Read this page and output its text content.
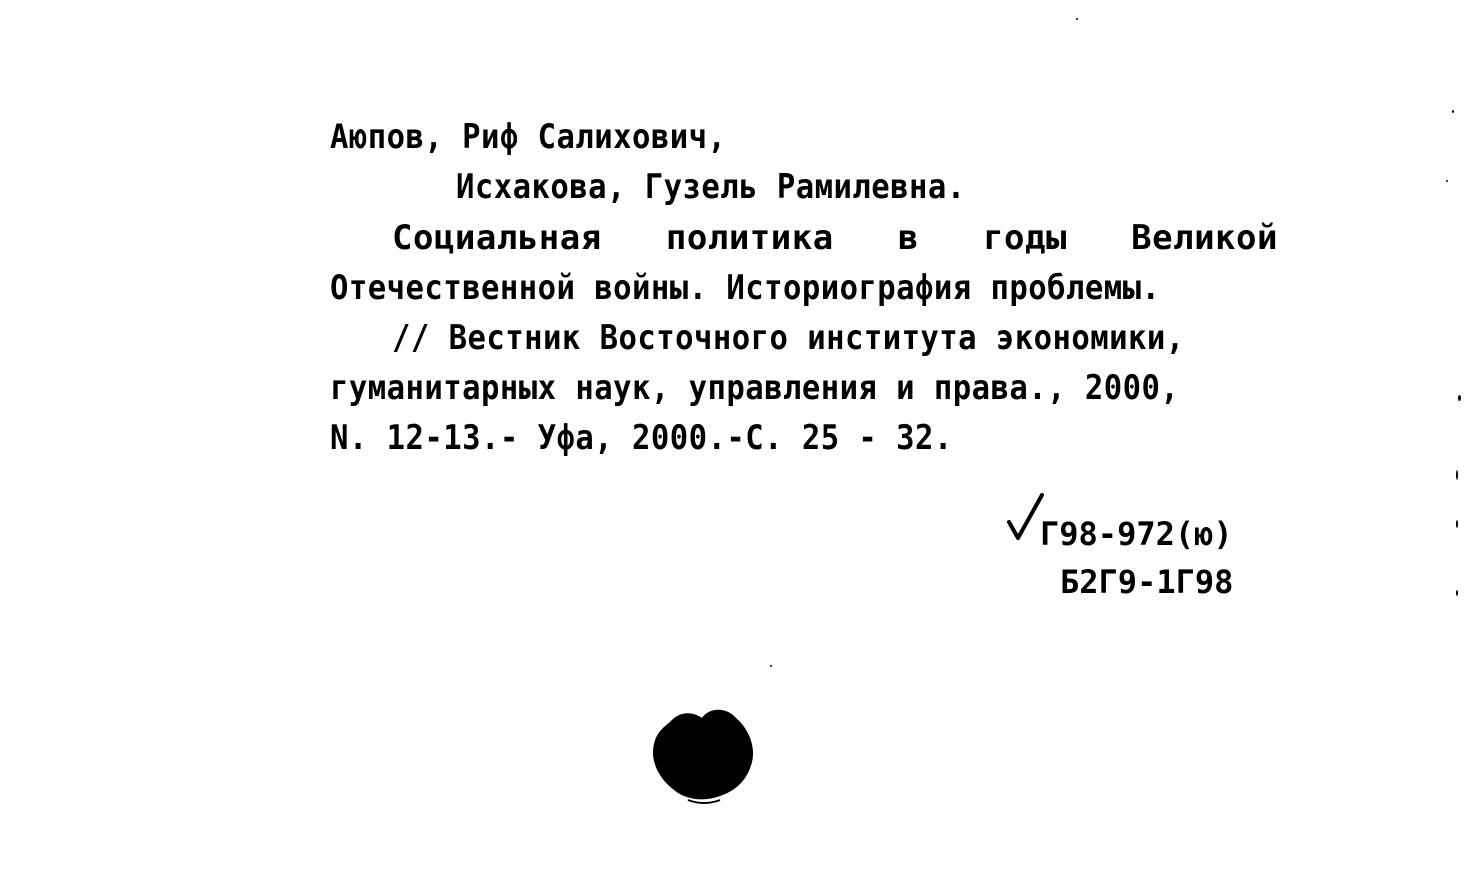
Аюпов, Риф Салихович,
Исхакова, Гузель Рамилевна.
Социальная политика в годы Великой
Отечественной войны. Историография проблемы.
// Вестник Восточного института экономики,
гуманитарных наук, управления и права., 2000,
N. 12-13.- Уфа, 2000.-С. 25 - 32.
Г98-972(ю)
Б2Г9-1Г98
